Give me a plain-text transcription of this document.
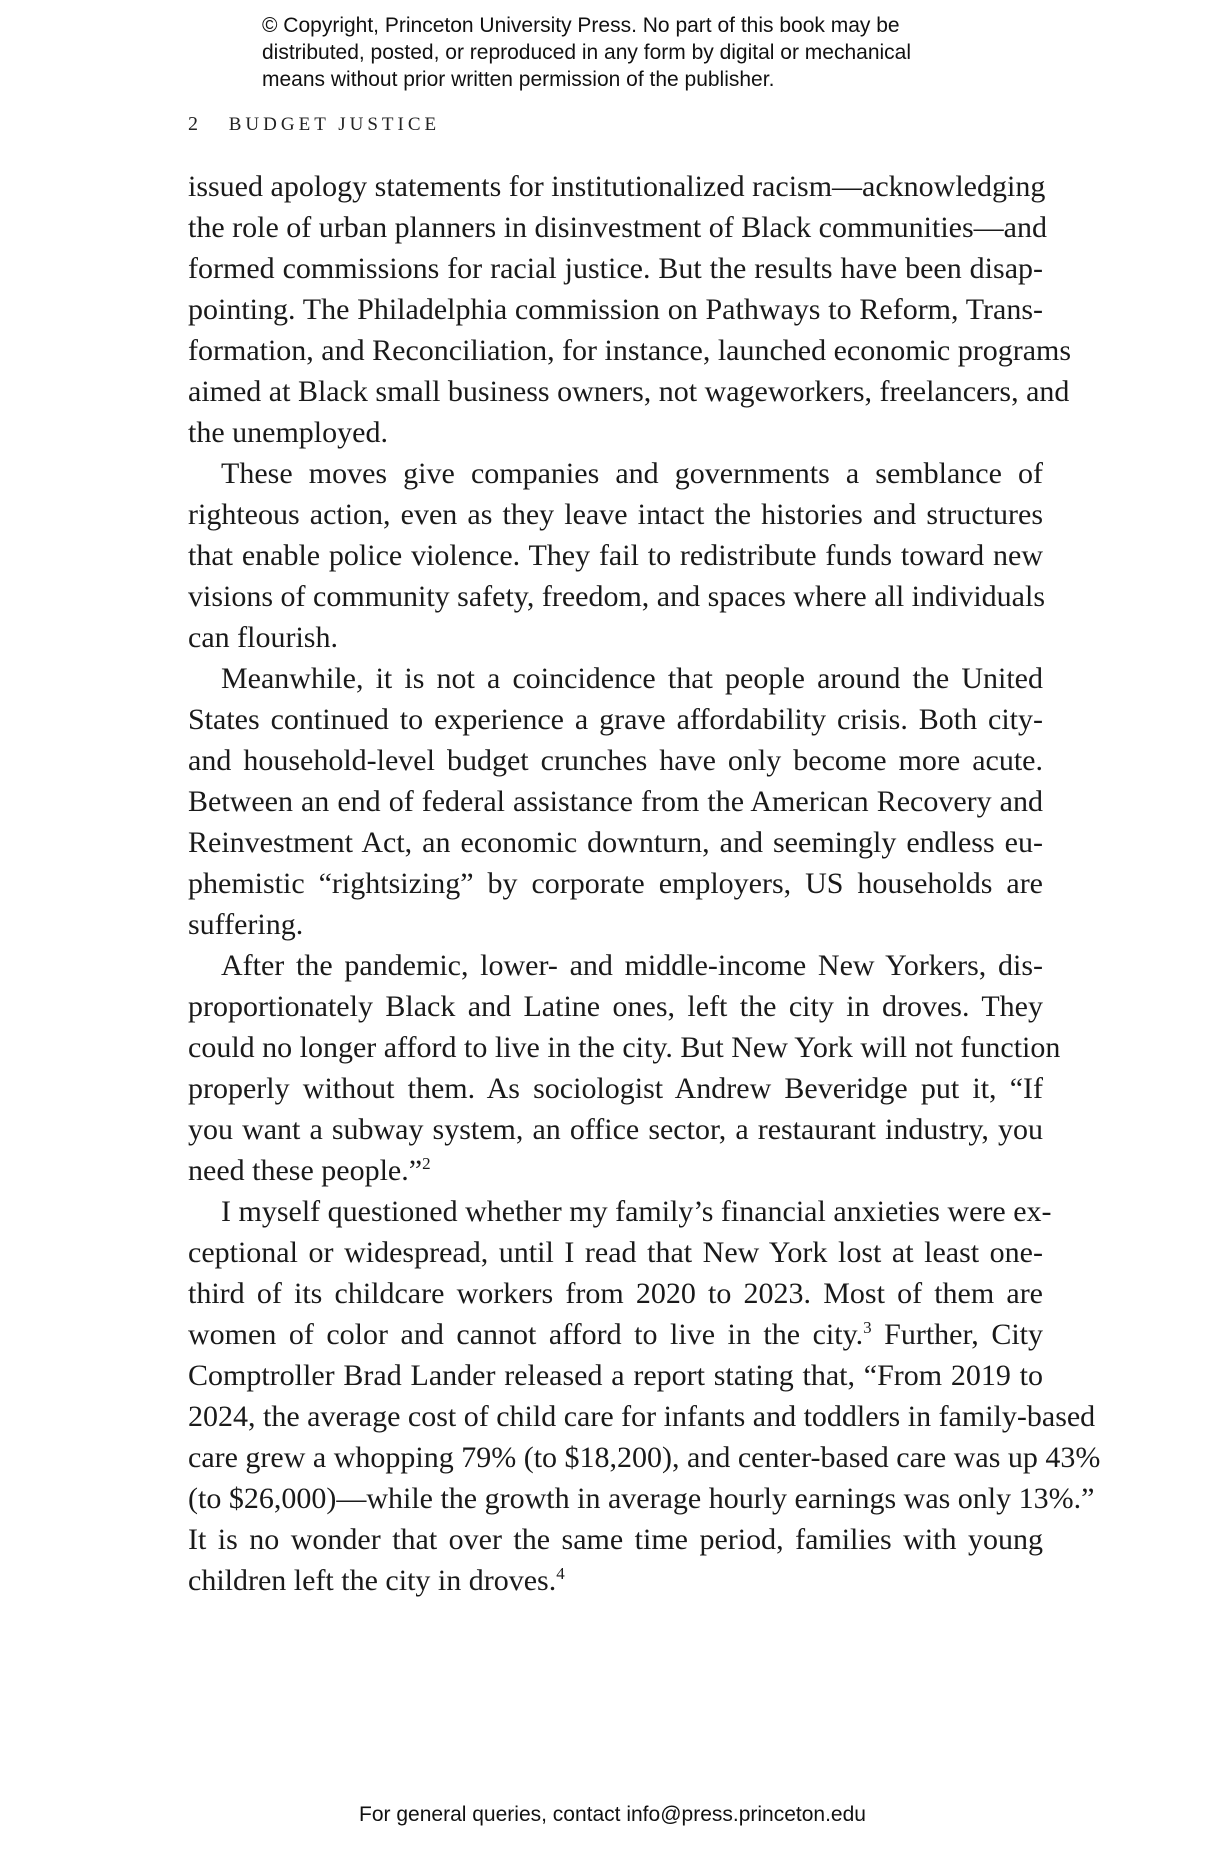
© Copyright, Princeton University Press. No part of this book may be
distributed, posted, or reproduced in any form by digital or mechanical
means without prior written permission of the publisher.
2 BUDGET JUSTICE
issued apology statements for institutionalized racism—acknowledging
the role of urban planners in disinvestment of Black communities—and
formed commissions for racial justice. But the results have been disap-
pointing. The Philadelphia commission on Pathways to Reform, Trans-
formation, and Reconciliation, for instance, launched economic programs
aimed at Black small business owners, not wageworkers, freelancers, and
the unemployed.
These moves give companies and governments a semblance of
righteous action, even as they leave intact the histories and structures
that enable police violence. They fail to redistribute funds toward new
visions of community safety, freedom, and spaces where all individuals
can flourish.
Meanwhile, it is not a coincidence that people around the United
States continued to experience a grave affordability crisis. Both city-
and household-level budget crunches have only become more acute.
Between an end of federal assistance from the American Recovery and
Reinvestment Act, an economic downturn, and seemingly endless eu-
phemistic “rightsizing” by corporate employers, US households are
suffering.
After the pandemic, lower- and middle-income New Yorkers, dis-
proportionately Black and Latine ones, left the city in droves. They
could no longer afford to live in the city. But New York will not function
properly without them. As sociologist Andrew Beveridge put it, “If
you want a subway system, an office sector, a restaurant industry, you
need these people.”$^2$
I myself questioned whether my family’s financial anxieties were ex-
ceptional or widespread, until I read that New York lost at least one-
third of its childcare workers from 2020 to 2023. Most of them are
women of color and cannot afford to live in the city.$^3$ Further, City
Comptroller Brad Lander released a report stating that, “From 2019 to
2024, the average cost of child care for infants and toddlers in family-based
care grew a whopping 79% (to $18,200), and center-based care was up 43%
(to $26,000)—while the growth in average hourly earnings was only 13%.”
It is no wonder that over the same time period, families with young
children left the city in droves.$^4$
For general queries, contact info@press.princeton.edu
